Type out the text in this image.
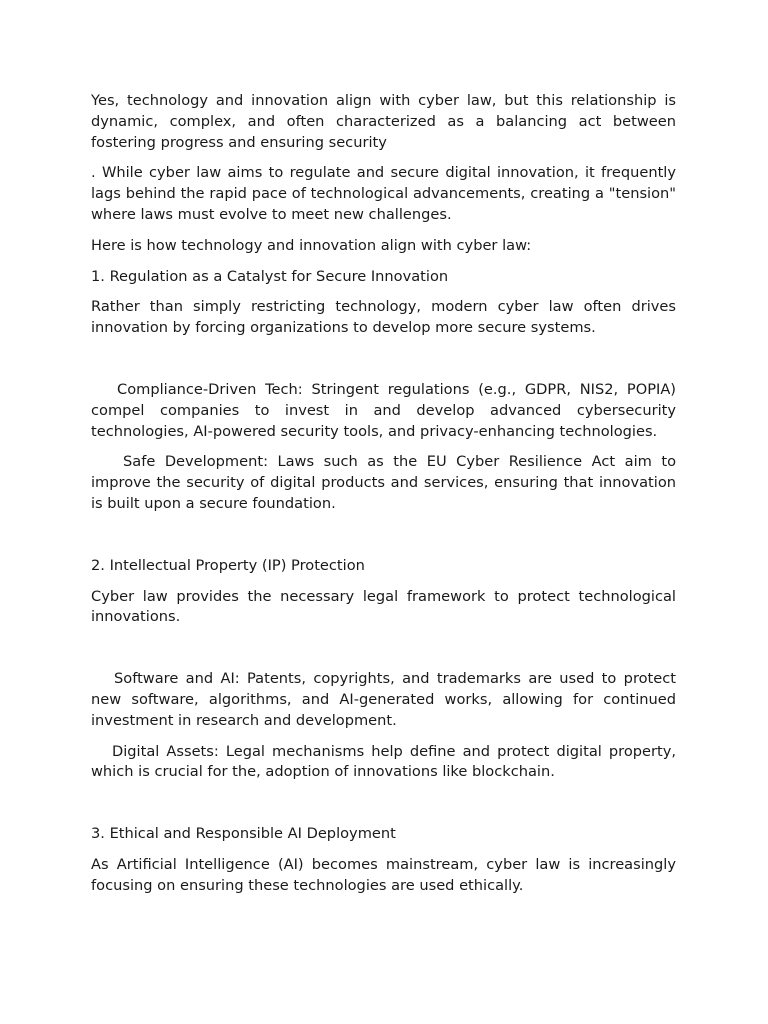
Yes, technology and innovation align with cyber law, but this relationship is dynamic, complex, and often characterized as a balancing act between fostering progress and ensuring security

. While cyber law aims to regulate and secure digital innovation, it frequently lags behind the rapid pace of technological advancements, creating a "tension" where laws must evolve to meet new challenges.

Here is how technology and innovation align with cyber law:

1. Regulation as a Catalyst for Secure Innovation

Rather than simply restricting technology, modern cyber law often drives innovation by forcing organizations to develop more secure systems.

Compliance-Driven Tech: Stringent regulations (e.g., GDPR, NIS2, POPIA) compel companies to invest in and develop advanced cybersecurity technologies, AI-powered security tools, and privacy-enhancing technologies.

Safe Development: Laws such as the EU Cyber Resilience Act aim to improve the security of digital products and services, ensuring that innovation is built upon a secure foundation.

2. Intellectual Property (IP) Protection

Cyber law provides the necessary legal framework to protect technological innovations.

Software and AI: Patents, copyrights, and trademarks are used to protect new software, algorithms, and AI-generated works, allowing for continued investment in research and development.

Digital Assets: Legal mechanisms help define and protect digital property, which is crucial for the, adoption of innovations like blockchain.

3. Ethical and Responsible AI Deployment

As Artificial Intelligence (AI) becomes mainstream, cyber law is increasingly focusing on ensuring these technologies are used ethically.
